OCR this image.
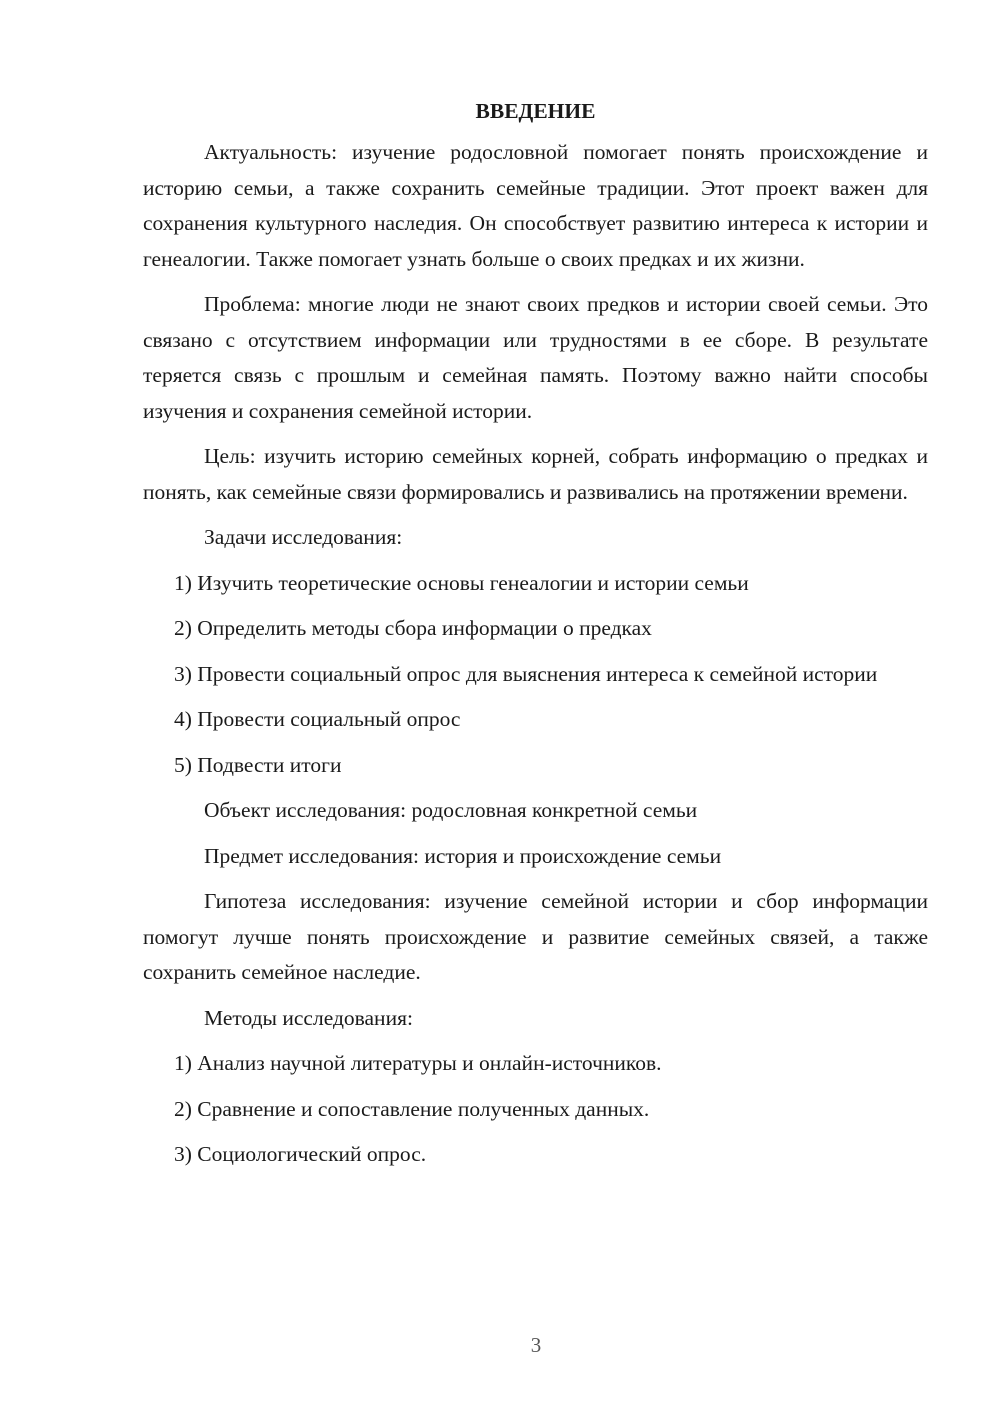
ВВЕДЕНИЕ
Актуальность: изучение родословной помогает понять происхождение и историю семьи, а также сохранить семейные традиции. Этот проект важен для сохранения культурного наследия. Он способствует развитию интереса к истории и генеалогии. Также помогает узнать больше о своих предках и их жизни.
Проблема: многие люди не знают своих предков и истории своей семьи. Это связано с отсутствием информации или трудностями в ее сборе. В результате теряется связь с прошлым и семейная память. Поэтому важно найти способы изучения и сохранения семейной истории.
Цель: изучить историю семейных корней, собрать информацию о предках и понять, как семейные связи формировались и развивались на протяжении времени.
Задачи исследования:
1) Изучить теоретические основы генеалогии и истории семьи
2) Определить методы сбора информации о предках
3) Провести социальный опрос для выяснения интереса к семейной истории
4) Провести социальный опрос
5) Подвести итоги
Объект исследования: родословная конкретной семьи
Предмет исследования: история и происхождение семьи
Гипотеза исследования: изучение семейной истории и сбор информации помогут лучше понять происхождение и развитие семейных связей, а также сохранить семейное наследие.
Методы исследования:
1) Анализ научной литературы и онлайн-источников.
2) Сравнение и сопоставление полученных данных.
3) Социологический опрос.
3
